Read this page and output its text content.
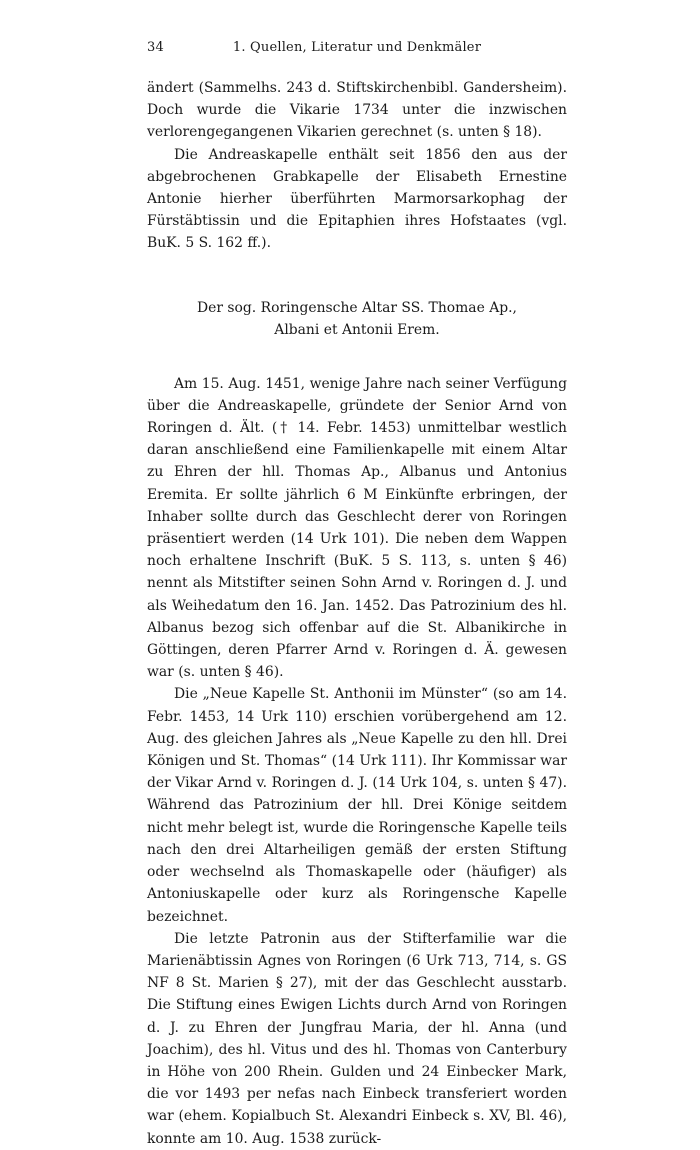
34	1. Quellen, Literatur und Denkmäler

ändert (Sammelhs. 243 d. Stiftskirchenbibl. Gandersheim). Doch wurde die Vikarie 1734 unter die inzwischen verlorengegangenen Vikarien gerechnet (s. unten § 18).

Die Andreaskapelle enthält seit 1856 den aus der abgebrochenen Grabkapelle der Elisabeth Ernestine Antonie hierher überführten Marmorsarkophag der Fürstäbtissin und die Epitaphien ihres Hofstaates (vgl. BuK. 5 S. 162 ff.).

Der sog. Roringensche Altar SS. Thomae Ap.,
Albani et Antonii Erem.

Am 15. Aug. 1451, wenige Jahre nach seiner Verfügung über die Andreaskapelle, gründete der Senior Arnd von Roringen d. Ält. († 14. Febr. 1453) unmittelbar westlich daran anschließend eine Familienkapelle mit einem Altar zu Ehren der hll. Thomas Ap., Albanus und Antonius Eremita. Er sollte jährlich 6 M Einkünfte erbringen, der Inhaber sollte durch das Geschlecht derer von Roringen präsentiert werden (14 Urk 101). Die neben dem Wappen noch erhaltene Inschrift (BuK. 5 S. 113, s. unten § 46) nennt als Mitstifter seinen Sohn Arnd v. Roringen d. J. und als Weihedatum den 16. Jan. 1452. Das Patrozinium des hl. Albanus bezog sich offenbar auf die St. Albanikirche in Göttingen, deren Pfarrer Arnd v. Roringen d. Ä. gewesen war (s. unten § 46).

Die „Neue Kapelle St. Anthonii im Münster“ (so am 14. Febr. 1453, 14 Urk 110) erschien vorübergehend am 12. Aug. des gleichen Jahres als „Neue Kapelle zu den hll. Drei Königen und St. Thomas“ (14 Urk 111). Ihr Kommissar war der Vikar Arnd v. Roringen d. J. (14 Urk 104, s. unten § 47). Während das Patrozinium der hll. Drei Könige seitdem nicht mehr belegt ist, wurde die Roringensche Kapelle teils nach den drei Altarheiligen gemäß der ersten Stiftung oder wechselnd als Thomaskapelle oder (häufiger) als Antoniuskapelle oder kurz als Roringensche Kapelle bezeichnet.

Die letzte Patronin aus der Stifterfamilie war die Marienäbtissin Agnes von Roringen (6 Urk 713, 714, s. GS NF 8 St. Marien § 27), mit der das Geschlecht ausstarb. Die Stiftung eines Ewigen Lichts durch Arnd von Roringen d. J. zu Ehren der Jungfrau Maria, der hl. Anna (und Joachim), des hl. Vitus und des hl. Thomas von Canterbury in Höhe von 200 Rhein. Gulden und 24 Einbecker Mark, die vor 1493 per nefas nach Einbeck transferiert worden war (ehem. Kopialbuch St. Alexandri Einbeck s. XV, Bl. 46), konnte am 10. Aug. 1538 zurück-
